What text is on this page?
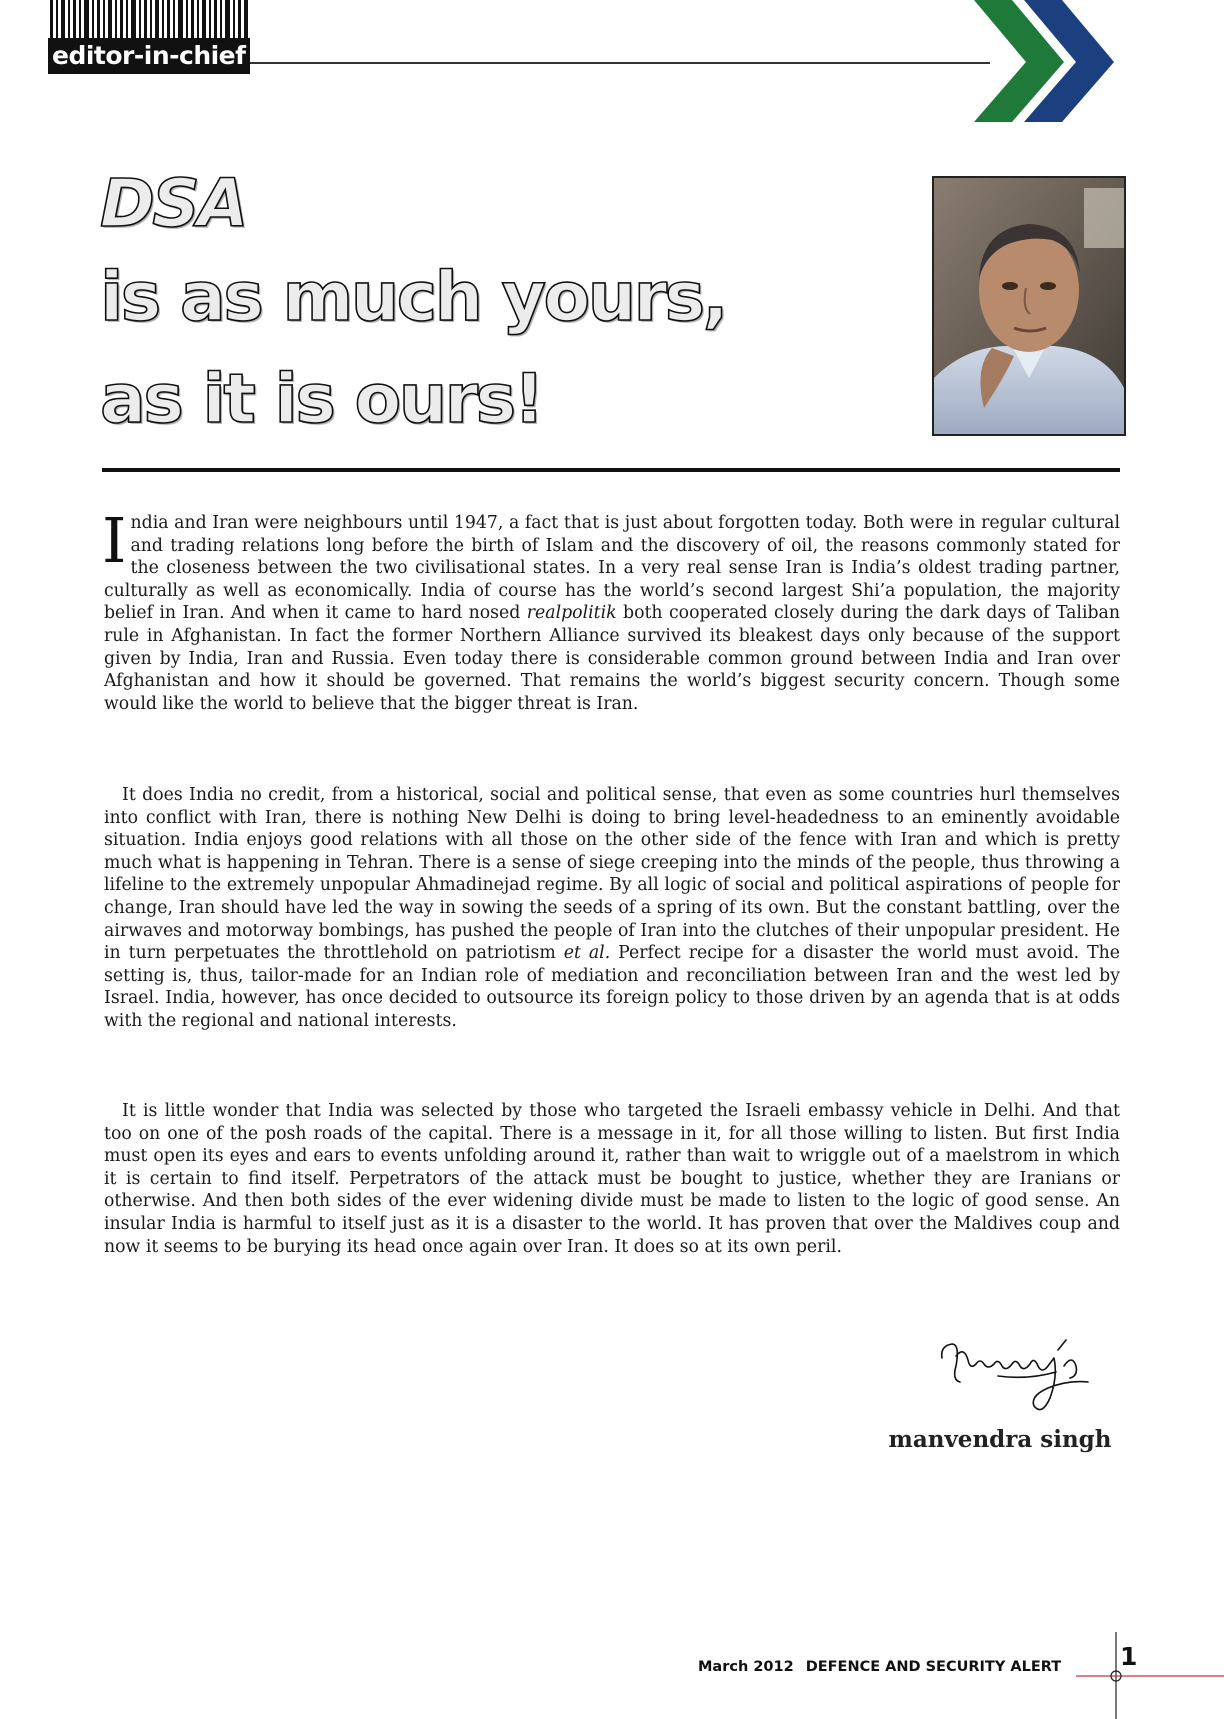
editor-in-chief
DSA
is as much yours,
as it is ours!

India and Iran were neighbours until 1947, a fact that is just about forgotten today. Both were in regular cultural and trading relations long before the birth of Islam and the discovery of oil, the reasons commonly stated for the closeness between the two civilisational states. In a very real sense Iran is India’s oldest trading partner, culturally as well as economically. India of course has the world’s second largest Shi’a population, the majority belief in Iran. And when it came to hard nosed realpolitik both cooperated closely during the dark days of Taliban rule in Afghanistan. In fact the former Northern Alliance survived its bleakest days only because of the support given by India, Iran and Russia. Even today there is considerable common ground between India and Iran over Afghanistan and how it should be governed. That remains the world’s biggest security concern. Though some would like the world to believe that the bigger threat is Iran.

It does India no credit, from a historical, social and political sense, that even as some countries hurl themselves into conflict with Iran, there is nothing New Delhi is doing to bring level-headedness to an eminently avoidable situation. India enjoys good relations with all those on the other side of the fence with Iran and which is pretty much what is happening in Tehran. There is a sense of siege creeping into the minds of the people, thus throwing a lifeline to the extremely unpopular Ahmadinejad regime. By all logic of social and political aspirations of people for change, Iran should have led the way in sowing the seeds of a spring of its own. But the constant battling, over the airwaves and motorway bombings, has pushed the people of Iran into the clutches of their unpopular president. He in turn perpetuates the throttlehold on patriotism et al. Perfect recipe for a disaster the world must avoid. The setting is, thus, tailor-made for an Indian role of mediation and reconciliation between Iran and the west led by Israel. India, however, has once decided to outsource its foreign policy to those driven by an agenda that is at odds with the regional and national interests.

It is little wonder that India was selected by those who targeted the Israeli embassy vehicle in Delhi. And that too on one of the posh roads of the capital. There is a message in it, for all those willing to listen. But first India must open its eyes and ears to events unfolding around it, rather than wait to wriggle out of a maelstrom in which it is certain to find itself. Perpetrators of the attack must be bought to justice, whether they are Iranians or otherwise. And then both sides of the ever widening divide must be made to listen to the logic of good sense. An insular India is harmful to itself just as it is a disaster to the world. It has proven that over the Maldives coup and now it seems to be burying its head once again over Iran. It does so at its own peril.

manvendra singh

March 2012 DEFENCE AND SECURITY ALERT 1
